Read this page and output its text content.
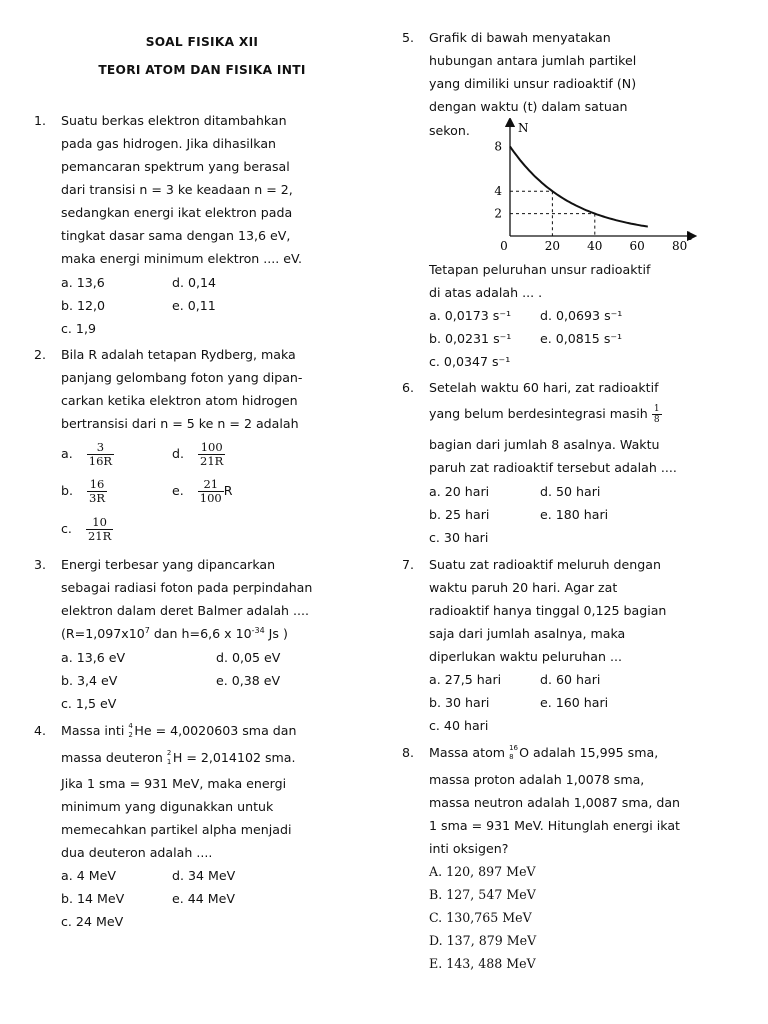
SOAL FISIKA XII
TEORI ATOM DAN FISIKA INTI
1. Suatu berkas elektron ditambahkan
pada gas hidrogen. Jika dihasilkan
pemancaran spektrum yang berasal
dari transisi n = 3 ke keadaan n = 2,
sedangkan energi ikat elektron pada
tingkat dasar sama dengan 13,6 eV,
maka energi minimum elektron .... eV.
a. 13,6	d. 0,14
b. 12,0	e. 0,11
c. 1,9
2. Bila R adalah tetapan Rydberg, maka
panjang gelombang foton yang dipan-
carkan ketika elektron atom hidrogen
bertransisi dari n = 5 ke n = 2 adalah
a. $\frac{3}{16R}$	d. $\frac{100}{21R}$
b. $\frac{16}{3R}$	e. $\frac{21}{100}$ R
c. $\frac{10}{21R}$
3. Energi terbesar yang dipancarkan
sebagai radiasi foton pada perpindahan
elektron dalam deret Balmer adalah ....
($R=1,097x10^7$ dan h=6,6 x $10^{-34}$ Js )
a. 13,6 eV	d. 0,05 eV
b. 3,4 eV	e. 0,38 eV
c. 1,5 eV
4. Massa inti 4
2 He = 4,0020603 sma dan
massa deuteron 2
1 H = 2,014102 sma.
Jika 1 sma = 931 MeV, maka energi
minimum yang digunakkan untuk
memecahkan partikel alpha menjadi
dua deuteron adalah ....
a. 4 MeV	d. 34 MeV
b. 14 MeV	e. 44 MeV
c. 24 MeV
5. Grafik di bawah menyatakan
hubungan antara jumlah partikel
yang dimiliki unsur radioaktif (N)
dengan waktu (t) dalam satuan
sekon.	N
t
0	20 40 60 80
2
4
8
Tetapan peluruhan unsur radioaktif
di atas adalah ... .
a. 0,0173 s⁻¹ d. 0,0693 s⁻¹
b. 0,0231 s⁻¹ e. 0,0815 s⁻¹
c. 0,0347 s⁻¹
6. Setelah waktu 60 hari, zat radioaktif
yang belum berdesintegrasi masih $\frac{1}{8}$
bagian dari jumlah 8 asalnya. Waktu
paruh zat radioaktif tersebut adalah ....
a. 20 hari	d. 50 hari
b. 25 hari	e. 180 hari
c. 30 hari
7. Suatu zat radioaktif meluruh dengan
waktu paruh 20 hari. Agar zat
radioaktif hanya tinggal 0,125 bagian
saja dari jumlah asalnya, maka
diperlukan waktu peluruhan ...
a. 27,5 hari	d. 60 hari
b. 30 hari	e. 160 hari
c. 40 hari
8. Massa atom 16
8 O adalah 15,995 sma,
massa proton adalah 1,0078 sma,
massa neutron adalah 1,0087 sma, dan
1 sma = 931 MeV. Hitunglah energi ikat
inti oksigen?
A. 120, 897 MeV
B. 127, 547 MeV
C. 130,765 MeV
D. 137, 879 MeV
E. 143, 488 MeV
